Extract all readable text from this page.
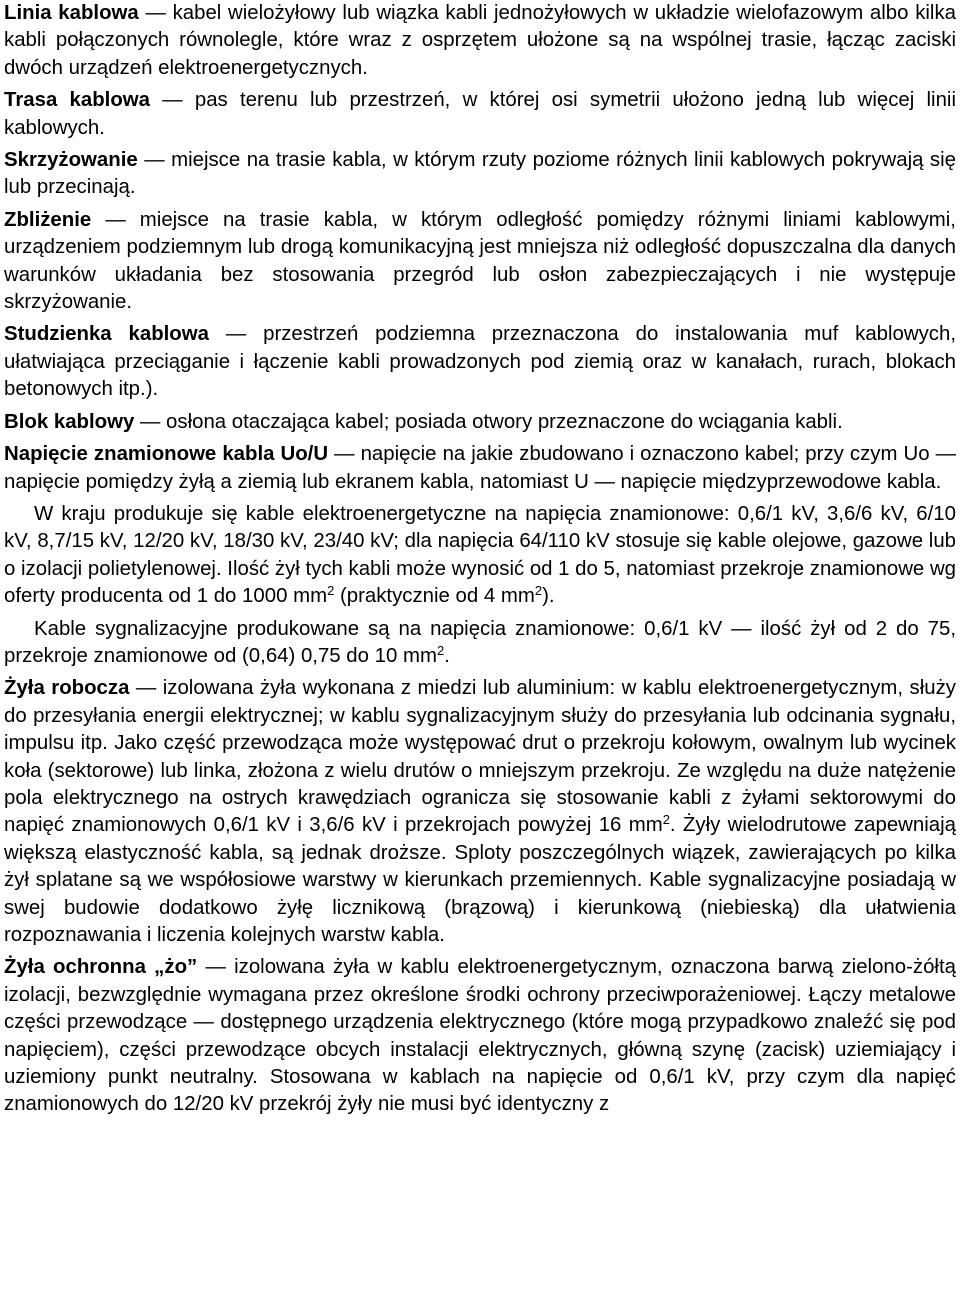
Linia kablowa — kabel wielożyłowy lub wiązka kabli jednożyłowych w układzie wielofazowym albo kilka kabli połączonych równolegle, które wraz z osprzętem ułożone są na wspólnej trasie, łącząc zaciski dwóch urządzeń elektroenergetycznych.

Trasa kablowa — pas terenu lub przestrzeń, w której osi symetrii ułożono jedną lub więcej linii kablowych.

Skrzyżowanie — miejsce na trasie kabla, w którym rzuty poziome różnych linii kablowych pokrywają się lub przecinają.

Zbliżenie — miejsce na trasie kabla, w którym odległość pomiędzy różnymi liniami kablowymi, urządzeniem podziemnym lub drogą komunikacyjną jest mniejsza niż odległość dopuszczalna dla danych warunków układania bez stosowania przegród lub osłon zabezpieczających i nie występuje skrzyżowanie.

Studzienka kablowa — przestrzeń podziemna przeznaczona do instalowania muf kablowych, ułatwiająca przeciąganie i łączenie kabli prowadzonych pod ziemią oraz w kanałach, rurach, blokach betonowych itp.).

Blok kablowy — osłona otaczająca kabel; posiada otwory przeznaczone do wciągania kabli.

Napięcie znamionowe kabla Uo/U — napięcie na jakie zbudowano i oznaczono kabel; przy czym Uo — napięcie pomiędzy żyłą a ziemią lub ekranem kabla, natomiast U — napięcie międzyprzewodowe kabla.

W kraju produkuje się kable elektroenergetyczne na napięcia znamionowe: 0,6/1 kV, 3,6/6 kV, 6/10 kV, 8,7/15 kV, 12/20 kV, 18/30 kV, 23/40 kV; dla napięcia 64/110 kV stosuje się kable olejowe, gazowe lub o izolacji polietylenowej. Ilość żył tych kabli może wynosić od 1 do 5, natomiast przekroje znamionowe wg oferty producenta od 1 do 1000 $mm^2$ (praktycznie od 4 $mm^2$).

Kable sygnalizacyjne produkowane są na napięcia znamionowe: 0,6/1 kV — ilość żył od 2 do 75, przekroje znamionowe od (0,64) 0,75 do 10 $mm^2$.

Żyła robocza — izolowana żyła wykonana z miedzi lub aluminium: w kablu elektroenergetycznym, służy do przesyłania energii elektrycznej; w kablu sygnalizacyjnym służy do przesyłania lub odcinania sygnału, impulsu itp. Jako część przewodząca może występować drut o przekroju kołowym, owalnym lub wycinek koła (sektorowe) lub linka, złożona z wielu drutów o mniejszym przekroju. Ze względu na duże natężenie pola elektrycznego na ostrych krawędziach ogranicza się stosowanie kabli z żyłami sektorowymi do napięć znamionowych 0,6/1 kV i 3,6/6 kV i przekrojach powyżej 16 $mm^2$. Żyły wielodrutowe zapewniają większą elastyczność kabla, są jednak droższe. Sploty poszczególnych wiązek, zawierających po kilka żył splatane są we współosiowe warstwy w kierunkach przemiennych. Kable sygnalizacyjne posiadają w swej budowie dodatkowo żyłę licznikową (brązową) i kierunkową (niebieską) dla ułatwienia rozpoznawania i liczenia kolejnych warstw kabla.

Żyła ochronna „żo” — izolowana żyła w kablu elektroenergetycznym, oznaczona barwą zielono-żółtą izolacji, bezwzględnie wymagana przez określone środki ochrony przeciwporażeniowej. Łączy metalowe części przewodzące — dostępnego urządzenia elektrycznego (które mogą przypadkowo znaleźć się pod napięciem), części przewodzące obcych instalacji elektrycznych, główną szynę (zacisk) uziemiający i uziemiony punkt neutralny. Stosowana w kablach na napięcie od 0,6/1 kV, przy czym dla napięć znamionowych do 12/20 kV przekrój żyły nie musi być identyczny z
